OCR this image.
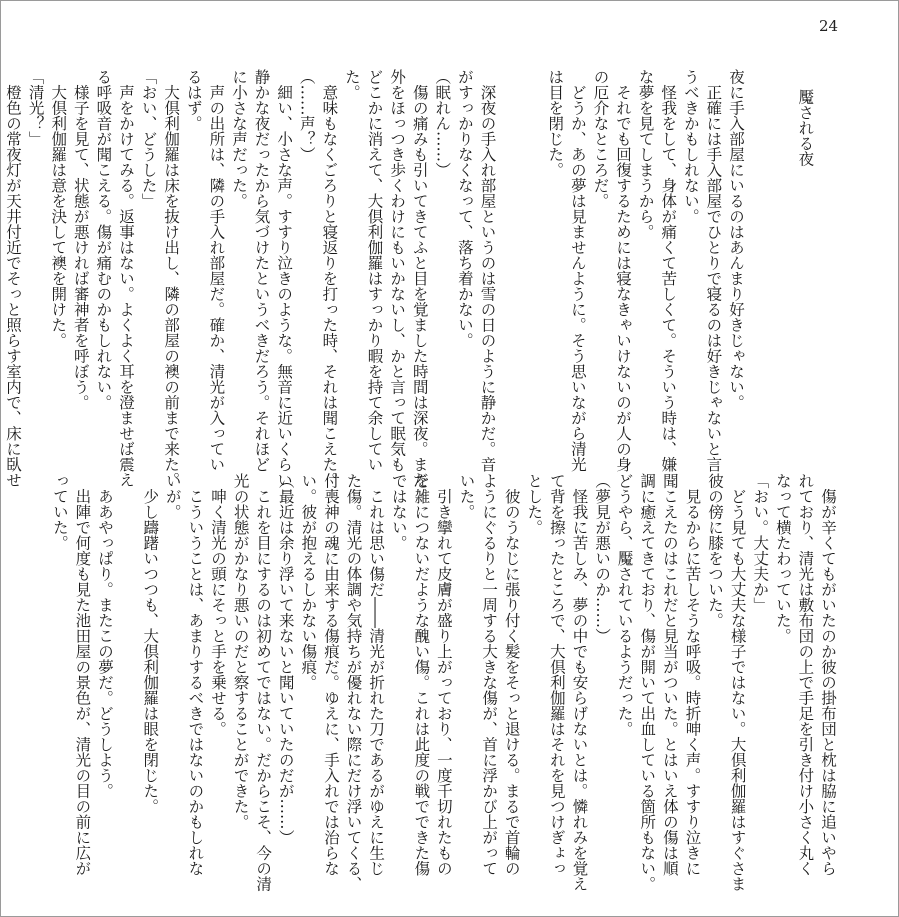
24

魘される夜

夜に手入部屋にいるのはあんまり好きじゃない。
　正確には手入部屋でひとりで寝るのは好きじゃないと言
うべきかもしれない。
　怪我をして、身体が痛くて苦しくて。そういう時は、嫌
な夢を見てしまうから。
　それでも回復するためには寝なきゃいけないのが人の身
の厄介なところだ。
　どうか、あの夢は見ませんように。そう思いながら清光
は目を閉じた。

　深夜の手入れ部屋というのは雪の日のように静かだ。音
がすっかりなくなって、落ち着かない。
（眠れん……）
　傷の痛みも引いてきてふと目を覚ました時間は深夜。まだ
外をほっつき歩くわけにもいかないし、かと言って眠気も
どこかに消えて、大倶利伽羅はすっかり暇を持て余してい
た。
　意味もなくごろりと寝返りを打った時、それは聞こえた。
（……声？）
　細い、小さな声。すすり泣きのような。無音に近いくらい
静かな夜だったから気づけたというべきだろう。それほど
に小さな声だった。
　声の出所は、隣の手入れ部屋だ。確か、清光が入ってい
るはず。
　大倶利伽羅は床を抜け出し、隣の部屋の襖の前まで来た。
「おい、どうした」
　声をかけてみる。返事はない。よくよく耳を澄ませば震え
る呼吸音が聞こえる。傷が痛むのかもしれない。
　様子を見て、状態が悪ければ審神者を呼ぼう。
　大倶利伽羅は意を決して襖を開けた。
「清光？」
　橙色の常夜灯が天井付近でそっと照らす室内で、床に臥せ

　傷が辛くてもがいたのか彼の掛布団と枕は脇に追いやら
れており、清光は敷布団の上で手足を引き付け小さく丸く
なって横たわっていた。
「おい。大丈夫か」
　どう見ても大丈夫な様子ではない。大倶利伽羅はすぐさま
彼の傍に膝をついた。
　見るからに苦しそうな呼吸。時折呻く声。すすり泣きに
聞こえたのはこれだと見当がついた。とはいえ体の傷は順
調に癒えてきており、傷が開いて出血している箇所もない。
どうやら、魘されているようだった。
（夢見が悪いのか……）
　怪我に苦しみ、夢の中でも安らげないとは。憐れみを覚え
て背を擦ったところで、大倶利伽羅はそれを見つけぎょっ
とした。
　彼のうなじに張り付く髪をそっと退ける。まるで首輪の
ようにぐるりと一周する大きな傷が、首に浮かび上がって
いた。
　引き攣れて皮膚が盛り上がっており、一度千切れたもの
を雑につないだような醜い傷。これは此度の戦でできた傷
ではない。
　これは思い傷だ――清光が折れた刀であるがゆえに生じ
た傷。清光の体調や気持ちが優れない際にだけ浮いてくる、
付喪神の魂に由来する傷痕だ。ゆえに、手入れでは治らな
い。彼が抱えるしかない傷痕。
（最近は余り浮いて来ないと聞いていたのだが……）
　これを目にするのは初めてではない。だからこそ、今の清
光の状態がかなり悪いのだと察することができた。
　呻く清光の頭にそっと手を乗せる。
　こういうことは、あまりするべきではないのかもしれな
いが。
　少し躊躇いつつも、大倶利伽羅は眼を閉じた。

　ああやっぱり。またこの夢だ。どうしよう。
　出陣で何度も見た池田屋の景色が、清光の目の前に広が
っていた。
